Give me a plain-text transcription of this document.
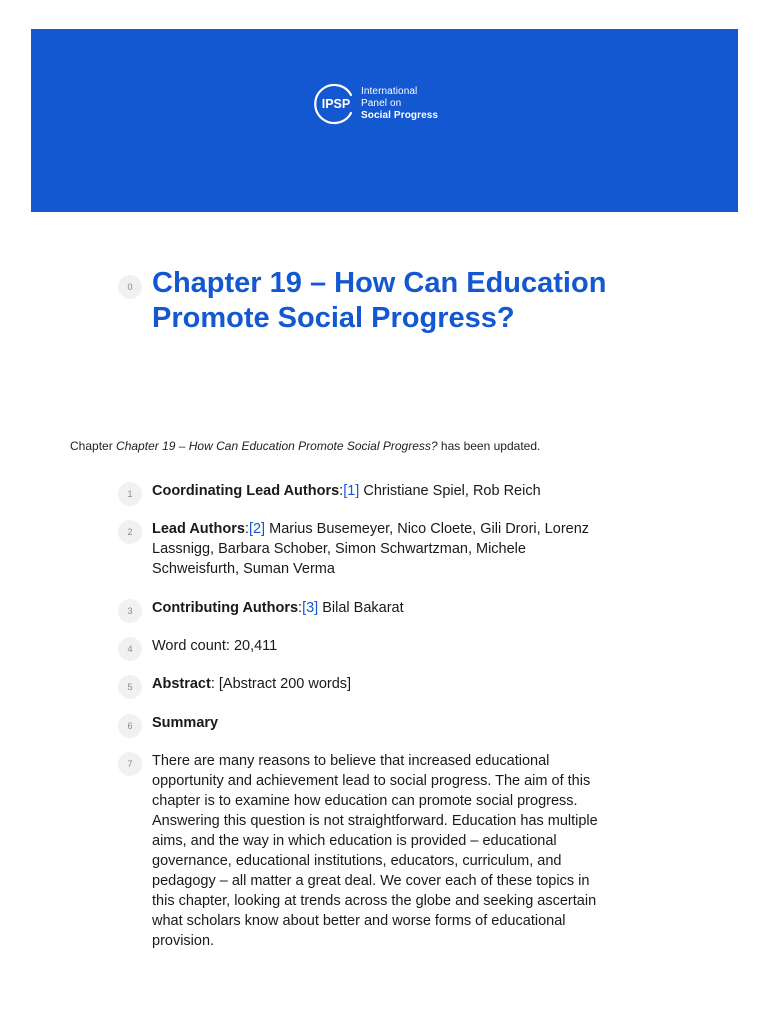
IPSP
International
Panel on
Social Progress
0 Chapter 19 – How Can Education Promote Social Progress?
Chapter Chapter 19 – How Can Education Promote Social Progress? has been updated.
1	Coordinating Lead Authors:[1] Christiane Spiel, Rob Reich
2	Lead Authors:[2] Marius Busemeyer, Nico Cloete, Gili Drori, Lorenz Lassnigg, Barbara Schober, Simon Schwartzman, Michele Schweisfurth, Suman Verma
3	Contributing Authors:[3] Bilal Bakarat
4	Word count: 20,411
5	Abstract: [Abstract 200 words]
6	Summary
7	There are many reasons to believe that increased educational opportunity and achievement lead to social progress. The aim of this chapter is to examine how education can promote social progress. Answering this question is not straightforward. Education has multiple aims, and the way in which education is provided – educational governance, educational institutions, educators, curriculum, and pedagogy – all matter a great deal. We cover each of these topics in this chapter, looking at trends across the globe and seeking ascertain what scholars know about better and worse forms of educational provision.
